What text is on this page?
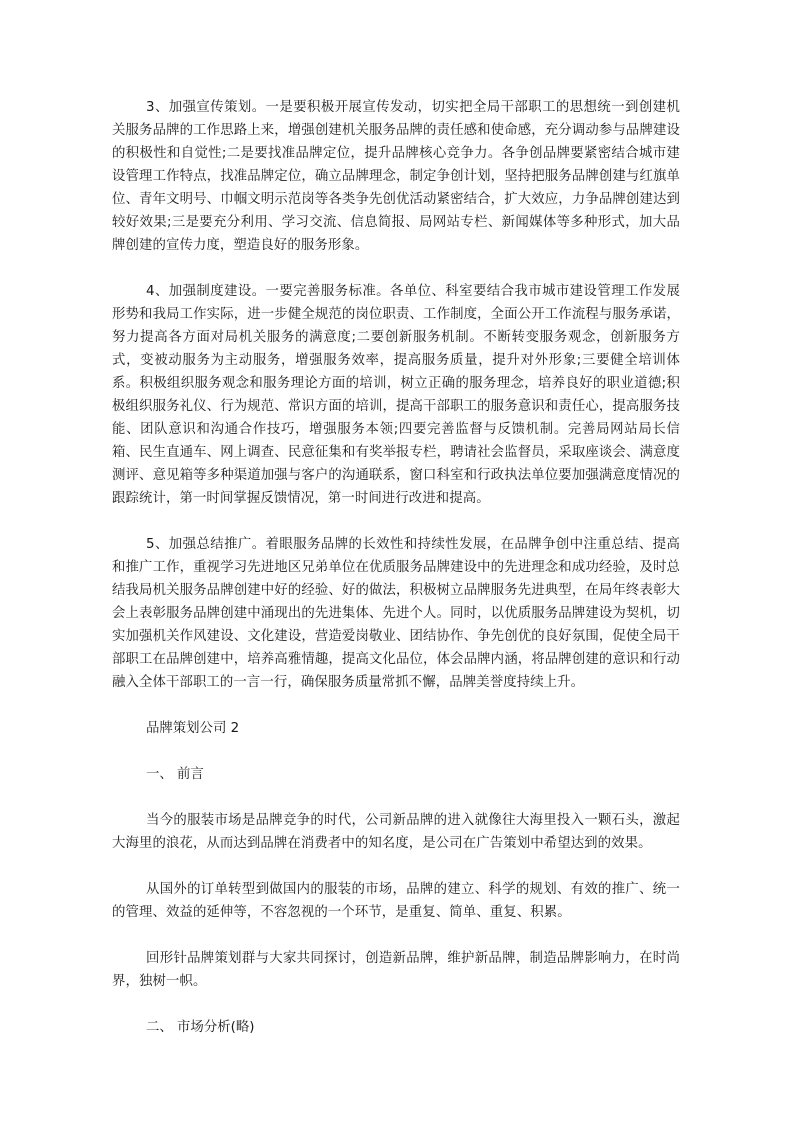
3、加强宣传策划。一是要积极开展宣传发动，切实把全局干部职工的思想统一到创建机关服务品牌的工作思路上来，增强创建机关服务品牌的责任感和使命感，充分调动参与品牌建设的积极性和自觉性;二是要找准品牌定位，提升品牌核心竞争力。各争创品牌要紧密结合城市建设管理工作特点，找准品牌定位，确立品牌理念，制定争创计划，坚持把服务品牌创建与红旗单位、青年文明号、巾帼文明示范岗等各类争先创优活动紧密结合，扩大效应，力争品牌创建达到较好效果;三是要充分利用、学习交流、信息简报、局网站专栏、新闻媒体等多种形式，加大品牌创建的宣传力度，塑造良好的服务形象。

4、加强制度建设。一要完善服务标准。各单位、科室要结合我市城市建设管理工作发展形势和我局工作实际，进一步健全规范的岗位职责、工作制度，全面公开工作流程与服务承诺，努力提高各方面对局机关服务的满意度;二要创新服务机制。不断转变服务观念，创新服务方式，变被动服务为主动服务，增强服务效率，提高服务质量，提升对外形象;三要健全培训体系。积极组织服务观念和服务理论方面的培训，树立正确的服务理念，培养良好的职业道德;积极组织服务礼仪、行为规范、常识方面的培训，提高干部职工的服务意识和责任心，提高服务技能、团队意识和沟通合作技巧，增强服务本领;四要完善监督与反馈机制。完善局网站局长信箱、民生直通车、网上调查、民意征集和有奖举报专栏，聘请社会监督员，采取座谈会、满意度测评、意见箱等多种渠道加强与客户的沟通联系，窗口科室和行政执法单位要加强满意度情况的跟踪统计，第一时间掌握反馈情况，第一时间进行改进和提高。

5、加强总结推广。着眼服务品牌的长效性和持续性发展，在品牌争创中注重总结、提高和推广工作，重视学习先进地区兄弟单位在优质服务品牌建设中的先进理念和成功经验，及时总结我局机关服务品牌创建中好的经验、好的做法，积极树立品牌服务先进典型，在局年终表彰大会上表彰服务品牌创建中涌现出的先进集体、先进个人。同时，以优质服务品牌建设为契机，切实加强机关作风建设、文化建设，营造爱岗敬业、团结协作、争先创优的良好氛围，促使全局干部职工在品牌创建中，培养高雅情趣，提高文化品位，体会品牌内涵，将品牌创建的意识和行动融入全体干部职工的一言一行，确保服务质量常抓不懈，品牌美誉度持续上升。

品牌策划公司 2

一、 前言

当今的服装市场是品牌竞争的时代，公司新品牌的进入就像往大海里投入一颗石头，激起大海里的浪花，从而达到品牌在消费者中的知名度，是公司在广告策划中希望达到的效果。

从国外的订单转型到做国内的服装的市场，品牌的建立、科学的规划、有效的推广、统一的管理、效益的延伸等，不容忽视的一个环节，是重复、简单、重复、积累。

回形针品牌策划群与大家共同探讨，创造新品牌，维护新品牌，制造品牌影响力，在时尚界，独树一帜。

二、 市场分析(略)
